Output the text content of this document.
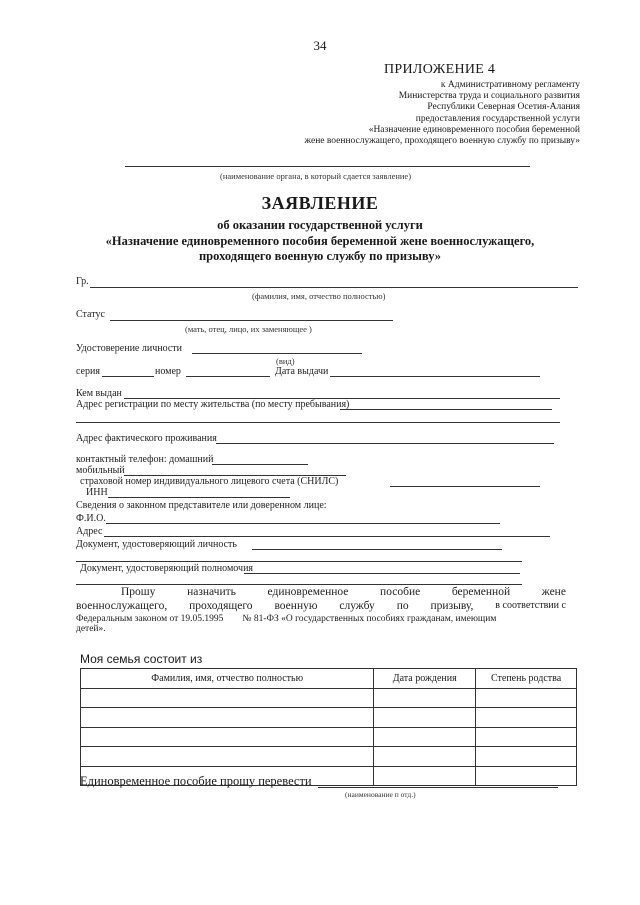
34
ПРИЛОЖЕНИЕ 4
к Административному регламенту
Министерства труда и социального развития
Республики Северная Осетия-Алания
предоставления государственной услуги
«Назначение единовременного пособия беременной
жене военнослужащего, проходящего военную службу по призыву»
(наименование органа, в который сдается заявление)
ЗАЯВЛЕНИЕ
об оказании государственной услуги
«Назначение единовременного пособия беременной жене военнослужащего,
проходящего военную службу по призыву»
Гр.
(фамилия, имя, отчество полностью)
Статус
(мать, отец, лицо, их заменяющее )
Удостоверение личности
(вид)
серия	номер	Дата выдачи
Кем выдан
Адрес регистрации по месту жительства (по месту пребывания)
Адрес фактического проживания
контактный телефон: домашний
мобильный
страховой номер индивидуального лицевого счета (СНИЛС)
ИНН
Сведения о законном представителе или доверенном лице:
Ф.И.О.
Адрес
Документ, удостоверяющий личность
Документ, удостоверяющий полномочия
Прошу	назначить	единовременное	пособие	беременной	жене
военнослужащего, проходящего военную службу по призыву, в соответствии с
Федеральным законом от 19.05.1995        № 81-ФЗ «О государственных пособиях гражданам, имеющим
детей».
Моя семья состоит из
Фамилия, имя, отчество полностью	Дата рождения	Степень родства

Единовременное пособие прошу перевести
(наименование п отд.)
